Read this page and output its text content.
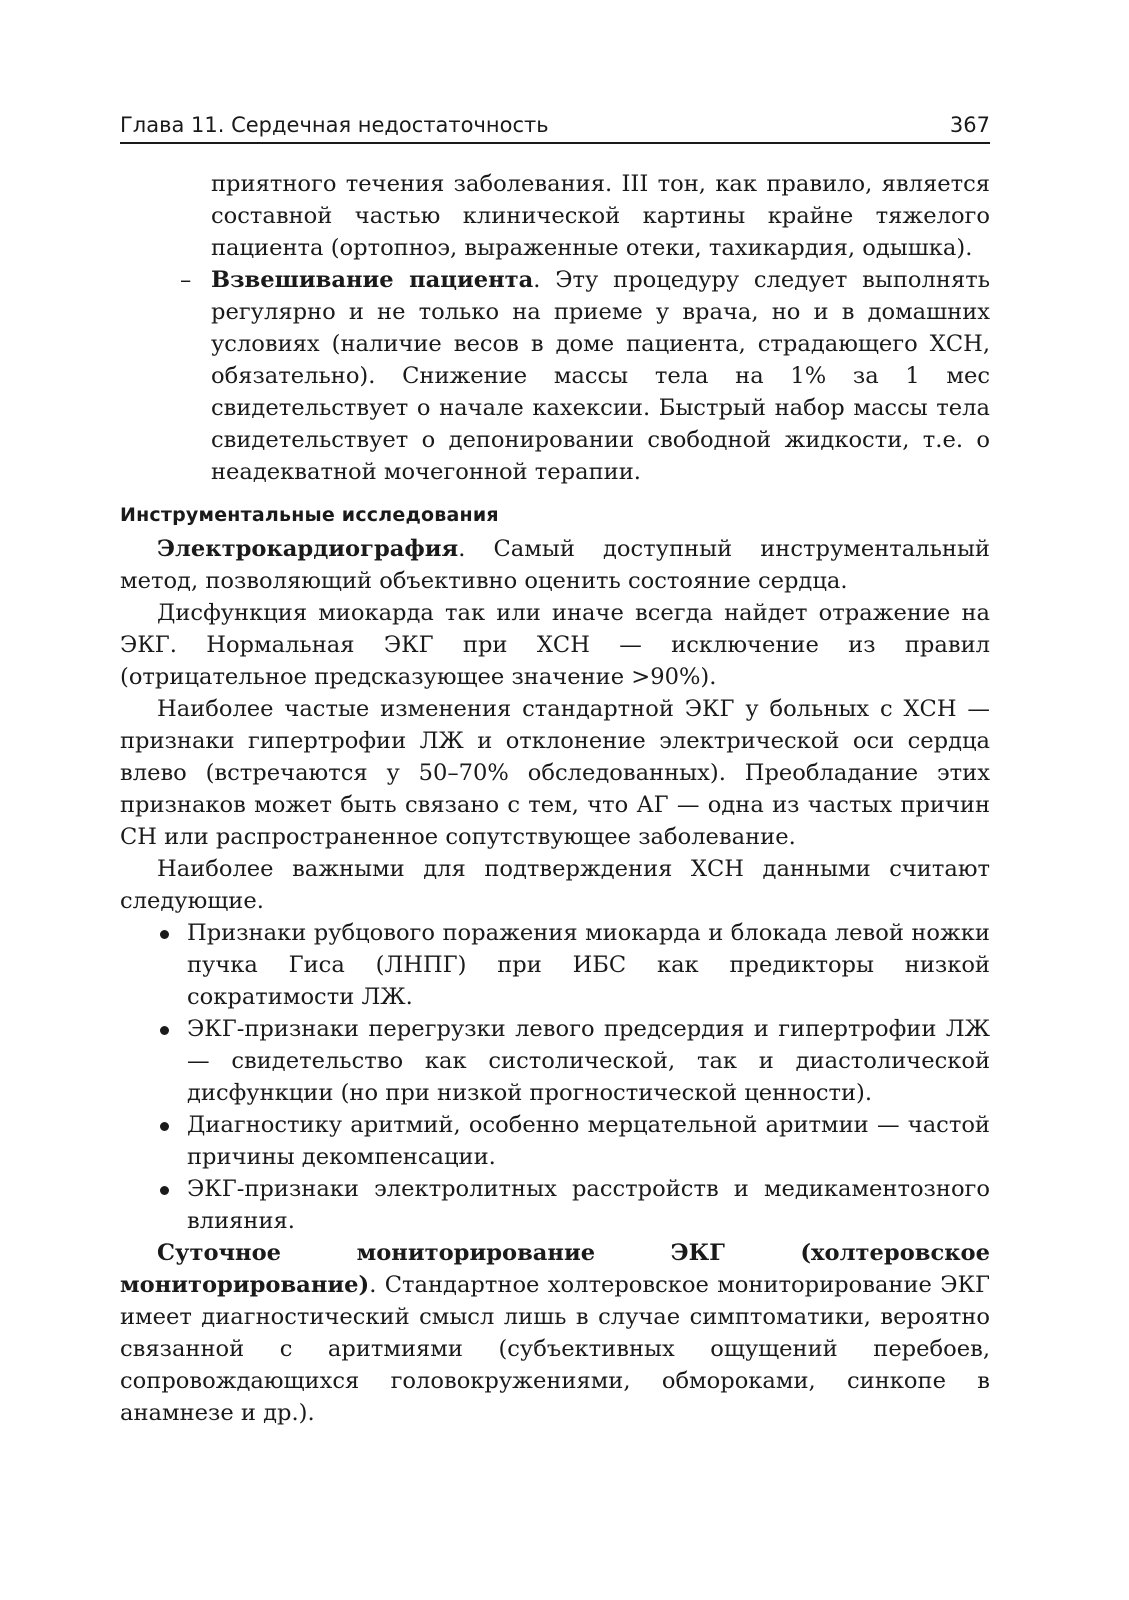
Глава 11. Сердечная недостаточность	367

приятного течения заболевания. III тон, как правило, является составной частью клинической картины крайне тяжелого пациента (ортопноэ, выраженные отеки, тахикардия, одышка).

– Взвешивание пациента. Эту процедуру следует выполнять регулярно и не только на приеме у врача, но и в домашних условиях (наличие весов в доме пациента, страдающего ХСН, обязательно). Снижение массы тела на 1% за 1 мес свидетельствует о начале кахексии. Быстрый набор массы тела свидетельствует о депонировании свободной жидкости, т.е. о неадекватной мочегонной терапии.

Инструментальные исследования

Электрокардиография. Самый доступный инструментальный метод, позволяющий объективно оценить состояние сердца.

Дисфункция миокарда так или иначе всегда найдет отражение на ЭКГ. Нормальная ЭКГ при ХСН — исключение из правил (отрицательное предсказующее значение >90%).

Наиболее частые изменения стандартной ЭКГ у больных с ХСН — признаки гипертрофии ЛЖ и отклонение электрической оси сердца влево (встречаются у 50–70% обследованных). Преобладание этих признаков может быть связано с тем, что АГ — одна из частых причин СН или распространенное сопутствующее заболевание.

Наиболее важными для подтверждения ХСН данными считают следующие.

Признаки рубцового поражения миокарда и блокада левой ножки пучка Гиса (ЛНПГ) при ИБС как предикторы низкой сократимости ЛЖ.

ЭКГ-признаки перегрузки левого предсердия и гипертрофии ЛЖ — свидетельство как систолической, так и диастолической дисфункции (но при низкой прогностической ценности).

Диагностику аритмий, особенно мерцательной аритмии — частой причины декомпенсации.

ЭКГ-признаки электролитных расстройств и медикаментозного влияния.

Суточное мониторирование ЭКГ (холтеровское мониторирование). Стандартное холтеровское мониторирование ЭКГ имеет диагностический смысл лишь в случае симптоматики, вероятно связанной с аритмиями (субъективных ощущений перебоев, сопровождающихся головокружениями, обмороками, синкопе в анамнезе и др.).
